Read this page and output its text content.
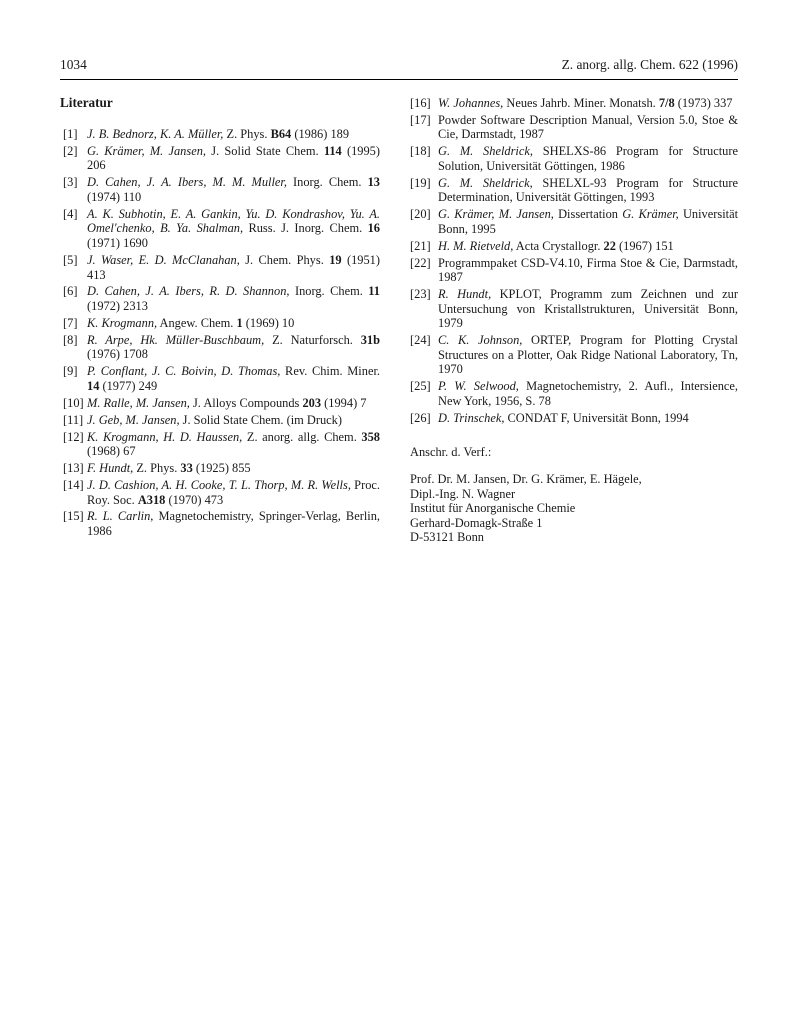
1034	Z. anorg. allg. Chem. 622 (1996)
Literatur
[1] J. B. Bednorz, K. A. Müller, Z. Phys. B64 (1986) 189
[2] G. Krämer, M. Jansen, J. Solid State Chem. 114 (1995) 206
[3] D. Cahen, J. A. Ibers, M. M. Muller, Inorg. Chem. 13 (1974) 110
[4] A. K. Subhotin, E. A. Gankin, Yu. D. Kondrashov, Yu. A. Omel'chenko, B. Ya. Shalman, Russ. J. Inorg. Chem. 16 (1971) 1690
[5] J. Waser, E. D. McClanahan, J. Chem. Phys. 19 (1951) 413
[6] D. Cahen, J. A. Ibers, R. D. Shannon, Inorg. Chem. 11 (1972) 2313
[7] K. Krogmann, Angew. Chem. 1 (1969) 10
[8] R. Arpe, Hk. Müller-Buschbaum, Z. Naturforsch. 31b (1976) 1708
[9] P. Conflant, J. C. Boivin, D. Thomas, Rev. Chim. Miner. 14 (1977) 249
[10] M. Ralle, M. Jansen, J. Alloys Compounds 203 (1994) 7
[11] J. Geb, M. Jansen, J. Solid State Chem. (im Druck)
[12] K. Krogmann, H. D. Haussen, Z. anorg. allg. Chem. 358 (1968) 67
[13] F. Hundt, Z. Phys. 33 (1925) 855
[14] J. D. Cashion, A. H. Cooke, T. L. Thorp, M. R. Wells, Proc. Roy. Soc. A318 (1970) 473
[15] R. L. Carlin, Magnetochemistry, Springer-Verlag, Berlin, 1986
[16] W. Johannes, Neues Jahrb. Miner. Monatsh. 7/8 (1973) 337
[17] Powder Software Description Manual, Version 5.0, Stoe & Cie, Darmstadt, 1987
[18] G. M. Sheldrick, SHELXS-86 Program for Structure Solution, Universität Göttingen, 1986
[19] G. M. Sheldrick, SHELXL-93 Program for Structure Determination, Universität Göttingen, 1993
[20] G. Krämer, M. Jansen, Dissertation G. Krämer, Universität Bonn, 1995
[21] H. M. Rietveld, Acta Crystallogr. 22 (1967) 151
[22] Programmpaket CSD-V4.10, Firma Stoe & Cie, Darmstadt, 1987
[23] R. Hundt, KPLOT, Programm zum Zeichnen und zur Untersuchung von Kristallstrukturen, Universität Bonn, 1979
[24] C. K. Johnson, ORTEP, Program for Plotting Crystal Structures on a Plotter, Oak Ridge National Laboratory, Tn, 1970
[25] P. W. Selwood, Magnetochemistry, 2. Aufl., Intersience, New York, 1956, S. 78
[26] D. Trinschek, CONDAT F, Universität Bonn, 1994
Anschr. d. Verf.:
Prof. Dr. M. Jansen, Dr. G. Krämer, E. Hägele,
Dipl.-Ing. N. Wagner
Institut für Anorganische Chemie
Gerhard-Domagk-Straße 1
D-53121 Bonn
